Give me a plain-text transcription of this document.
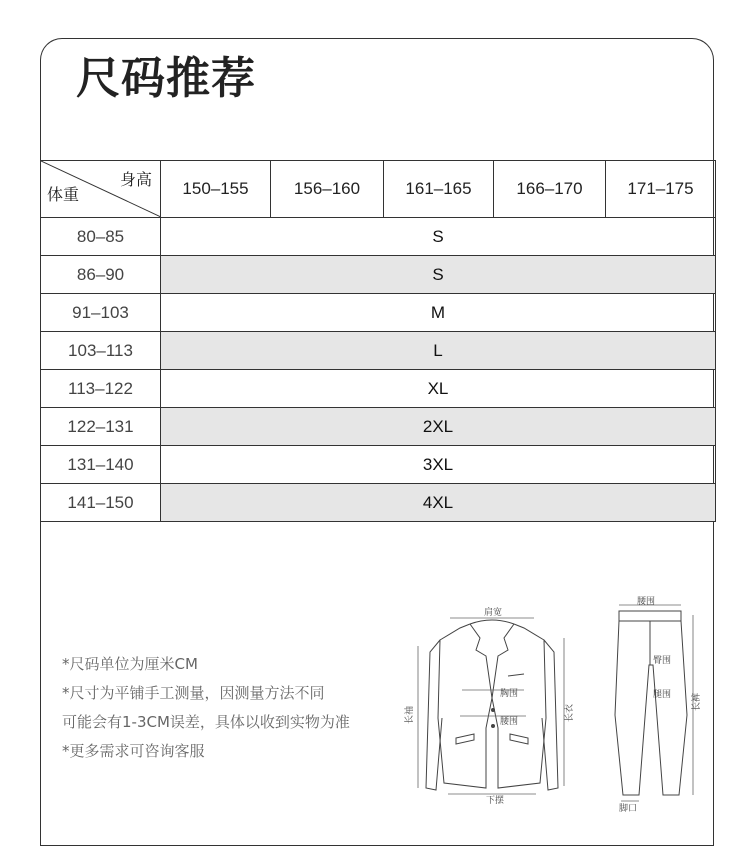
尺码推荐
身高
体重	150–155	156–160	161–165	166–170	171–175
80–85	S				
86–90	S				
91–103	M				
103–113	L				
113–122	XL				
122–131	2XL				
131–140	3XL				
141–150	4XL				
*尺码单位为厘米CM
*尺寸为平铺手工测量，因测量方法不同
可能会有1-3CM误差，具体以收到实物为准
*更多需求可咨询客服
肩宽
胸围
腰围
长袖	长衣
下摆
腰围
臀围
腿围 长裤
脚口
